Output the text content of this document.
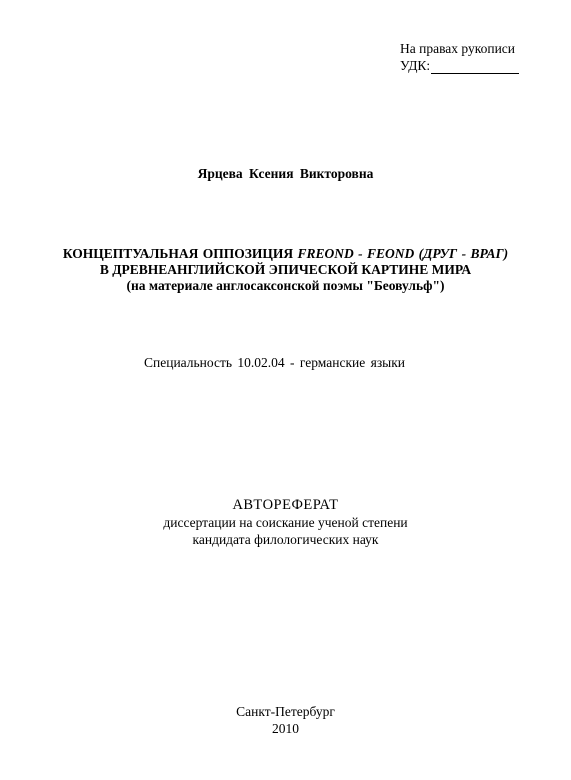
На правах рукописи
УДК:
Ярцева Ксения Викторовна
КОНЦЕПТУАЛЬНАЯ ОППОЗИЦИЯ FREOND - FEOND (ДРУГ - ВРАГ)
В ДРЕВНЕАНГЛИЙСКОЙ ЭПИЧЕСКОЙ КАРТИНЕ МИРА
(на материале англосаксонской поэмы "Беовульф")
Специальность 10.02.04 - германские языки
АВТОРЕФЕРАТ
диссертации на соискание ученой степени
кандидата филологических наук
Санкт-Петербург
2010
